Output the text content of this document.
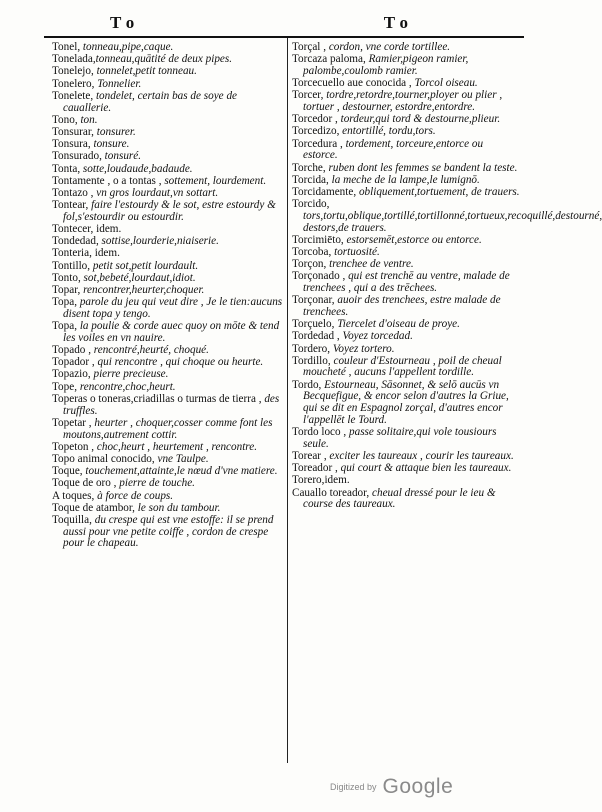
To	To
Tonel, tonneau,pipe,caque.
Tonelada,tonneau,quātité de deux pipes.
Tonelejo, tonnelet,petit tonneau.
Tonelero, Tonnelier.
Tonelete, tondelet, certain bas de soye de cauallerie.
Tono, ton.
Tonsurar, tonsurer.
Tonsura, tonsure.
Tonsurado, tonsuré.
Tonta, sotte,loudaude,badaude.
Tontamente , o a tontas , sottement, lourdement.
Tontazo , vn gros lourdaut,vn sottart.
Tontear, faire l'estourdy & le sot, estre estourdy & fol,s'estourdir ou estourdir.
Tontecer, idem.
Tondedad, sottise,lourderie,niaiserie.
Tonteria, idem.
Tontillo, petit sot,petit lourdault.
Tonto, sot,bebeté,lourdaut,idiot.
Topar, rencontrer,heurter,choquer.
Topa, parole du jeu qui veut dire , Je le tien:aucuns disent topa y tengo.
Topa, la poulie & corde auec quoy on mōte & tend les voiles en vn nauire.
Topado , rencontré,heurté, choqué.
Topador , qui rencontre , qui choque ou heurte.
Topazio, pierre precieuse.
Tope, rencontre,choc,heurt.
Toperas o toneras,criadillas o turmas de tierra , des truffles.
Topetar , heurter , choquer,cosser comme font les moutons,autrement cottir.
Topeton , choc,heurt , heurtement , rencontre.
Topo animal conocido, vne Taulpe.
Toque, touchement,attainte,le nœud d'vne matiere.
Toque de oro , pierre de touche.
A toques, à force de coups.
Toque de atambor, le son du tambour.
Toquilla, du crespe qui est vne estoffe: il se prend aussi pour vne petite coiffe , cordon de crespe pour le chapeau.
Torçal , cordon, vne corde tortillee.
Torcaza paloma, Ramier,pigeon ramier, palombe,coulomb ramier.
Torcecuello aue conocida , Torcol oiseau.
Torcer, tordre,retordre,tourner,ployer ou plier , tortuer , destourner, estordre,entordre.
Torcedor , tordeur,qui tord & destourne,plieur.
Torcedizo, entortillé, tordu,tors.
Torcedura , tordement, torceure,entorce ou estorce.
Torche, ruben dont les femmes se bandent la teste.
Torcida, la meche de la lampe,le lumignō.
Torcidamente, obliquement,tortuement, de trauers.
Torcido, tors,tortu,oblique,tortillé,tortillonné,tortueux,recoquillé,destourné, destors,de trauers.
Torcimiēto, estorsemēt,estorce ou entorce.
Torcoba, tortuosité.
Torçon, trenchee de ventre.
Torçonado , qui est trenchē au ventre, malade de trenchees , qui a des trēchees.
Torçonar, auoir des trenchees, estre malade de trenchees.
Torçuelo, Tiercelet d'oiseau de proye.
Tordedad , Voyez torcedad.
Tordero, Voyez tortero.
Tordillo, couleur d'Estourneau , poil de cheual moucheté , aucuns l'appellent tordille.
Tordo, Estourneau, Sāsonnet, & selō aucūs vn Becquefigue, & encor selon d'autres la Griue, qui se dit en Espagnol zorçal, d'autres encor l'appellēt le Tourd.
Tordo loco , passe solitaire,qui vole tousiours seule.
Torear , exciter les taureaux , courir les taureaux.
Toreador , qui court & attaque bien les taureaux.
Torero,idem.
Cauallo toreador, cheual dressé pour le ieu & course des taureaux.
Digitized by Google
